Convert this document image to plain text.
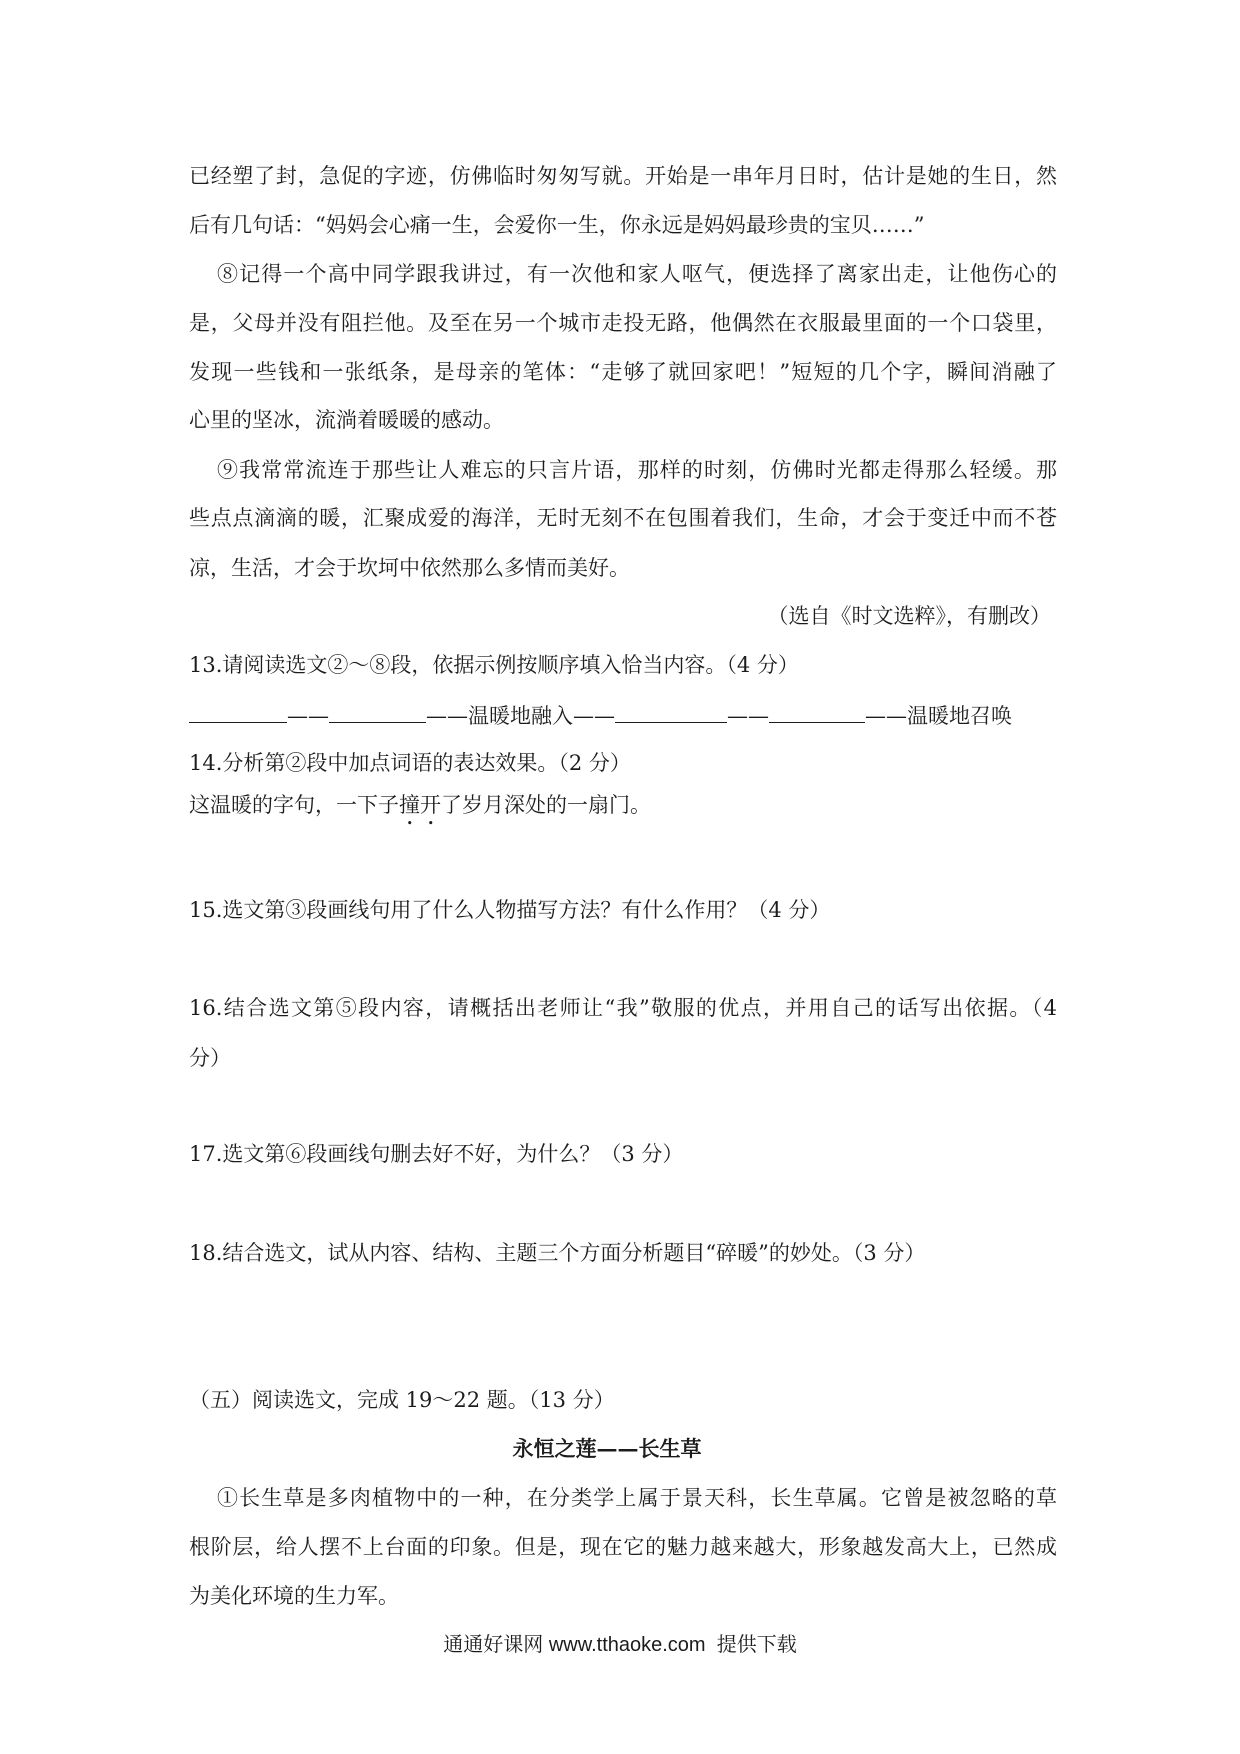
已经塑了封，急促的字迹，仿佛临时匆匆写就。开始是一串年月日时，估计是她的生日，然
后有几句话：“妈妈会心痛一生，会爱你一生，你永远是妈妈最珍贵的宝贝……”
⑧记得一个高中同学跟我讲过，有一次他和家人呕气，便选择了离家出走，让他伤心的
是，父母并没有阻拦他。及至在另一个城市走投无路，他偶然在衣服最里面的一个口袋里，
发现一些钱和一张纸条，是母亲的笔体：“走够了就回家吧！”短短的几个字，瞬间消融了
心里的坚冰，流淌着暖暖的感动。
⑨我常常流连于那些让人难忘的只言片语，那样的时刻，仿佛时光都走得那么轻缓。那
些点点滴滴的暖，汇聚成爱的海洋，无时无刻不在包围着我们，生命，才会于变迁中而不苍
凉，生活，才会于坎坷中依然那么多情而美好。
（选自《时文选粹》，有删改）
13.请阅读选文②～⑧段，依据示例按顺序填入恰当内容。（4 分）
——	——温暖地融入——	——	——温暖地召唤
14.分析第②段中加点词语的表达效果。（2 分）
这温暖的字句，一下子撞开了岁月深处的一扇门。
15.选文第③段画线句用了什么人物描写方法？有什么作用？（4 分）
16.结合选文第⑤段内容，请概括出老师让“我”敬服的优点，并用自己的话写出依据。（4
分）
17.选文第⑥段画线句删去好不好，为什么？（3 分）
18.结合选文，试从内容、结构、主题三个方面分析题目“碎暖”的妙处。（3 分）
（五）阅读选文，完成 19～22 题。（13 分）
永恒之莲——长生草
①长生草是多肉植物中的一种，在分类学上属于景天科，长生草属。它曾是被忽略的草
根阶层，给人摆不上台面的印象。但是，现在它的魅力越来越大，形象越发高大上，已然成
为美化环境的生力军。
通通好课网 www.tthaoke.com  提供下载
